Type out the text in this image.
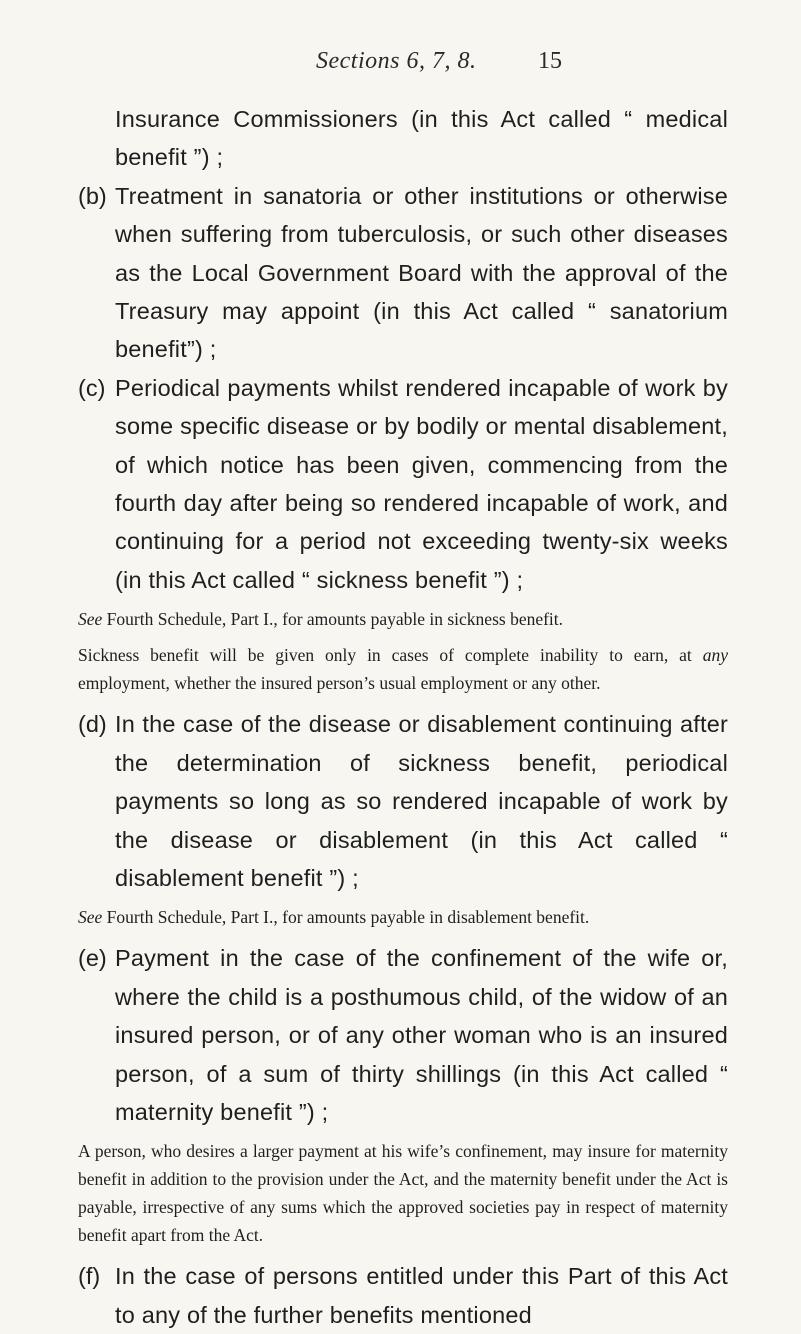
Sections 6, 7, 8.	15

Insurance Commissioners (in this Act called “ medical benefit ”) ;

(b) Treatment in sanatoria or other institutions or otherwise when suffering from tuberculosis, or such other diseases as the Local Government Board with the approval of the Treasury may appoint (in this Act called “ sanatorium benefit”) ;

(c) Periodical payments whilst rendered incapable of work by some specific disease or by bodily or mental disablement, of which notice has been given, commencing from the fourth day after being so rendered incapable of work, and continuing for a period not exceeding twenty-six weeks (in this Act called “ sickness benefit ”) ;

See Fourth Schedule, Part I., for amounts payable in sickness benefit.

Sickness benefit will be given only in cases of complete inability to earn, at any employment, whether the insured person’s usual employment or any other.

(d) In the case of the disease or disablement continuing after the determination of sickness benefit, periodical payments so long as so rendered incapable of work by the disease or disablement (in this Act called “ disablement benefit ”) ;

See Fourth Schedule, Part I., for amounts payable in disablement benefit.

(e) Payment in the case of the confinement of the wife or, where the child is a posthumous child, of the widow of an insured person, or of any other woman who is an insured person, of a sum of thirty shillings (in this Act called “ maternity benefit ”) ;

A person, who desires a larger payment at his wife’s confinement, may insure for maternity benefit in addition to the provision under the Act, and the maternity benefit under the Act is payable, irrespective of any sums which the approved societies pay in respect of maternity benefit apart from the Act.

(f) In the case of persons entitled under this Part of this Act to any of the further benefits mentioned
